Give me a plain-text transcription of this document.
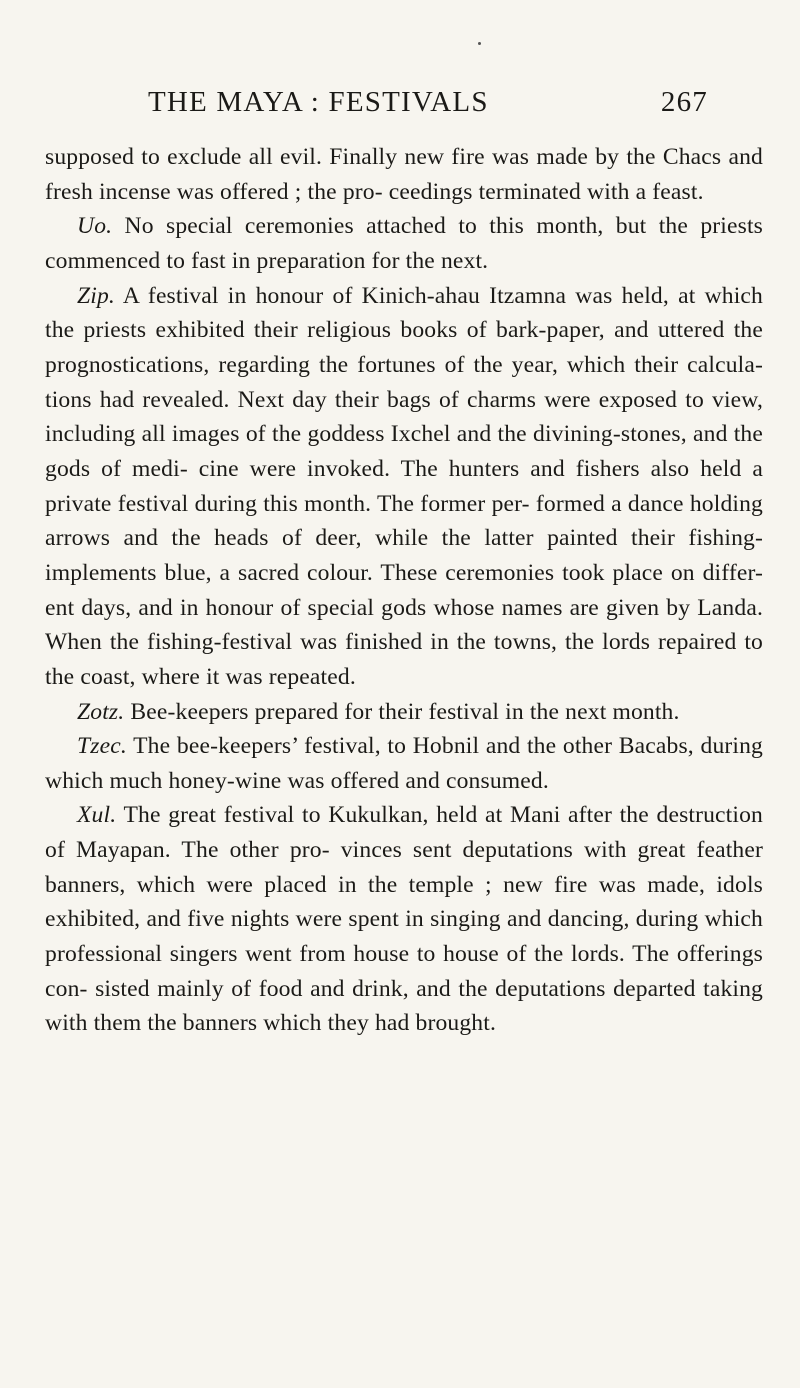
THE MAYA : FESTIVALS	267

supposed to exclude all evil. Finally new fire was made by the Chacs and fresh incense was offered ; the pro- ceedings terminated with a feast.

Uo. No special ceremonies attached to this month, but the priests commenced to fast in preparation for the next.

Zip. A festival in honour of Kinich-ahau Itzamna was held, at which the priests exhibited their religious books of bark-paper, and uttered the prognostications, regarding the fortunes of the year, which their calcula- tions had revealed. Next day their bags of charms were exposed to view, including all images of the goddess Ixchel and the divining-stones, and the gods of medi- cine were invoked. The hunters and fishers also held a private festival during this month. The former per- formed a dance holding arrows and the heads of deer, while the latter painted their fishing-implements blue, a sacred colour. These ceremonies took place on differ- ent days, and in honour of special gods whose names are given by Landa. When the fishing-festival was finished in the towns, the lords repaired to the coast, where it was repeated.

Zotz. Bee-keepers prepared for their festival in the next month.

Tzec. The bee-keepers’ festival, to Hobnil and the other Bacabs, during which much honey-wine was offered and consumed.

Xul. The great festival to Kukulkan, held at Mani after the destruction of Mayapan. The other pro- vinces sent deputations with great feather banners, which were placed in the temple ; new fire was made, idols exhibited, and five nights were spent in singing and dancing, during which professional singers went from house to house of the lords. The offerings con- sisted mainly of food and drink, and the deputations departed taking with them the banners which they had brought.
